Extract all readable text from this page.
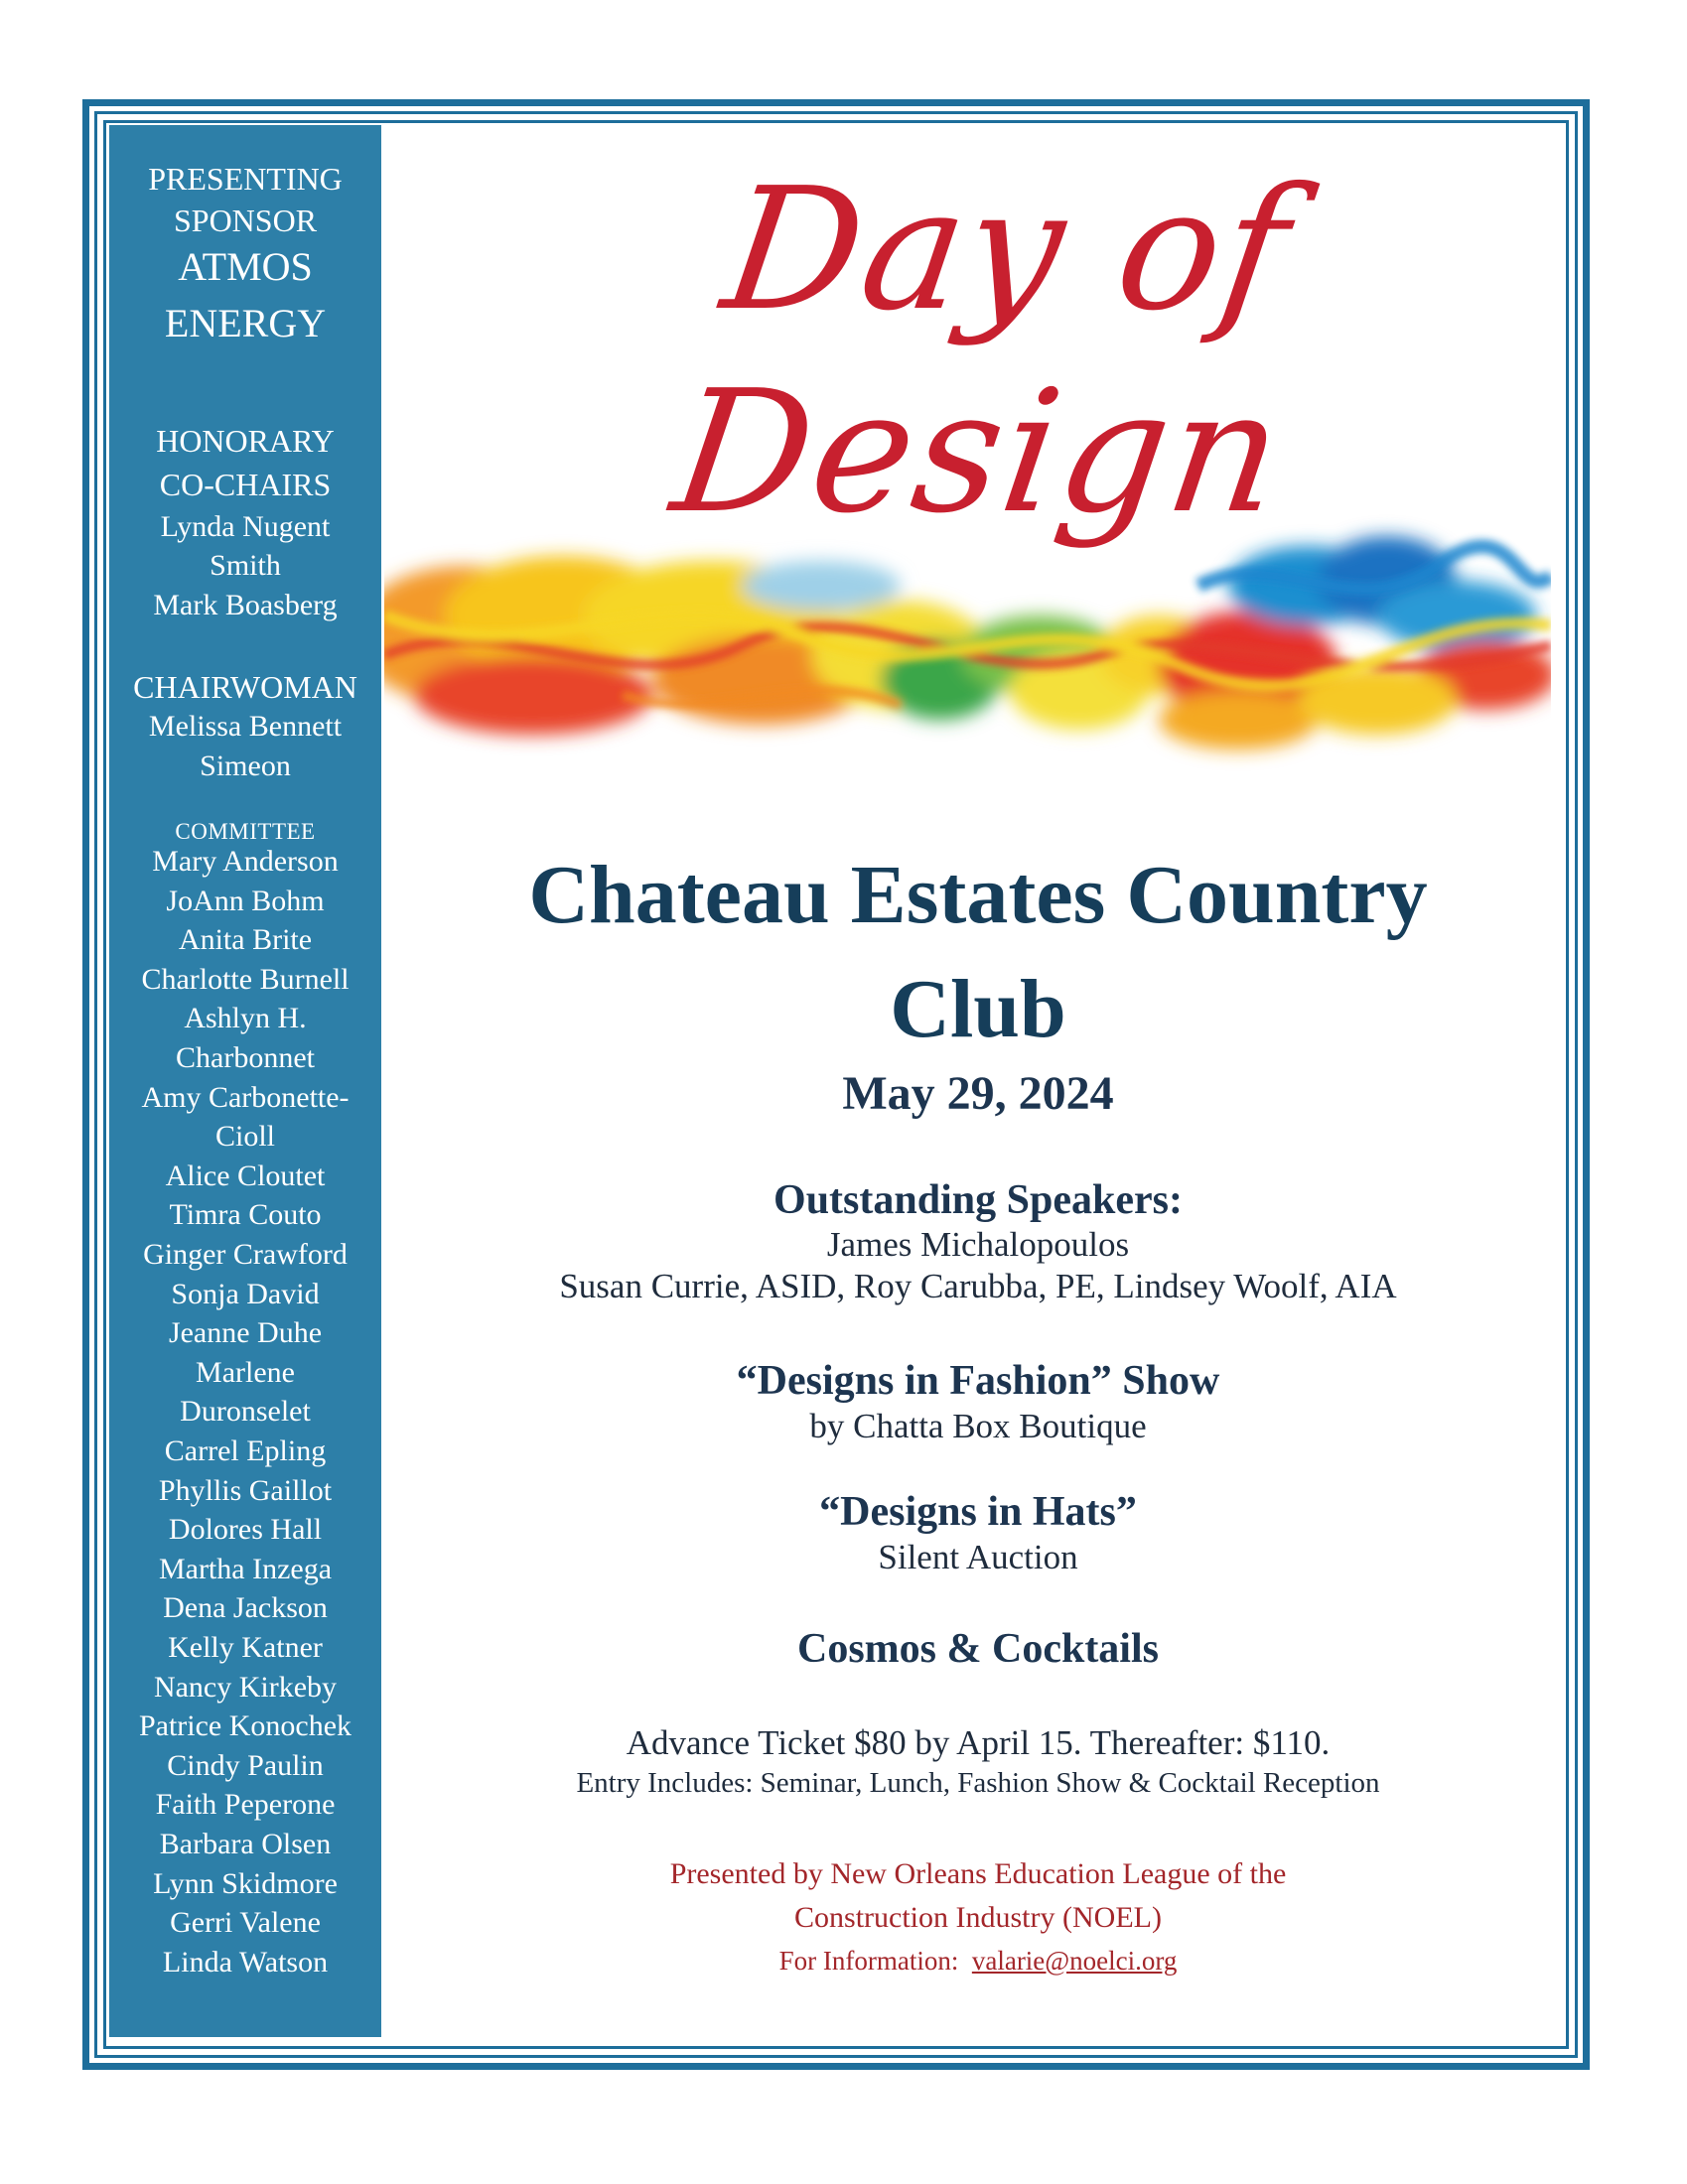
PRESENTING
SPONSOR
ATMOS
ENERGY
HONORARY
CO-CHAIRS
Lynda Nugent
Smith
Mark Boasberg
CHAIRWOMAN
Melissa Bennett
Simeon
COMMITTEE
Mary Anderson
JoAnn Bohm
Anita Brite
Charlotte Burnell
Ashlyn H.
Charbonnet
Amy Carbonette-
Cioll
Alice Cloutet
Timra Couto
Ginger Crawford
Sonja David
Jeanne Duhe
Marlene
Duronselet
Carrel Epling
Phyllis Gaillot
Dolores Hall
Martha Inzega
Dena Jackson
Kelly Katner
Nancy Kirkeby
Patrice Konochek
Cindy Paulin
Faith Peperone
Barbara Olsen
Lynn Skidmore
Gerri Valene
Linda Watson
Day of Design
Chateau Estates Country
Club
May 29, 2024
Outstanding Speakers:
James Michalopoulos
Susan Currie, ASID, Roy Carubba, PE, Lindsey Woolf, AIA
“Designs in Fashion” Show
by Chatta Box Boutique
“Designs in Hats”
Silent Auction
Cosmos & Cocktails
Advance Ticket $80 by April 15. Thereafter: $110.
Entry Includes: Seminar, Lunch, Fashion Show & Cocktail Reception
Presented by New Orleans Education League of the
Construction Industry (NOEL)
For Information: valarie@noelci.org
